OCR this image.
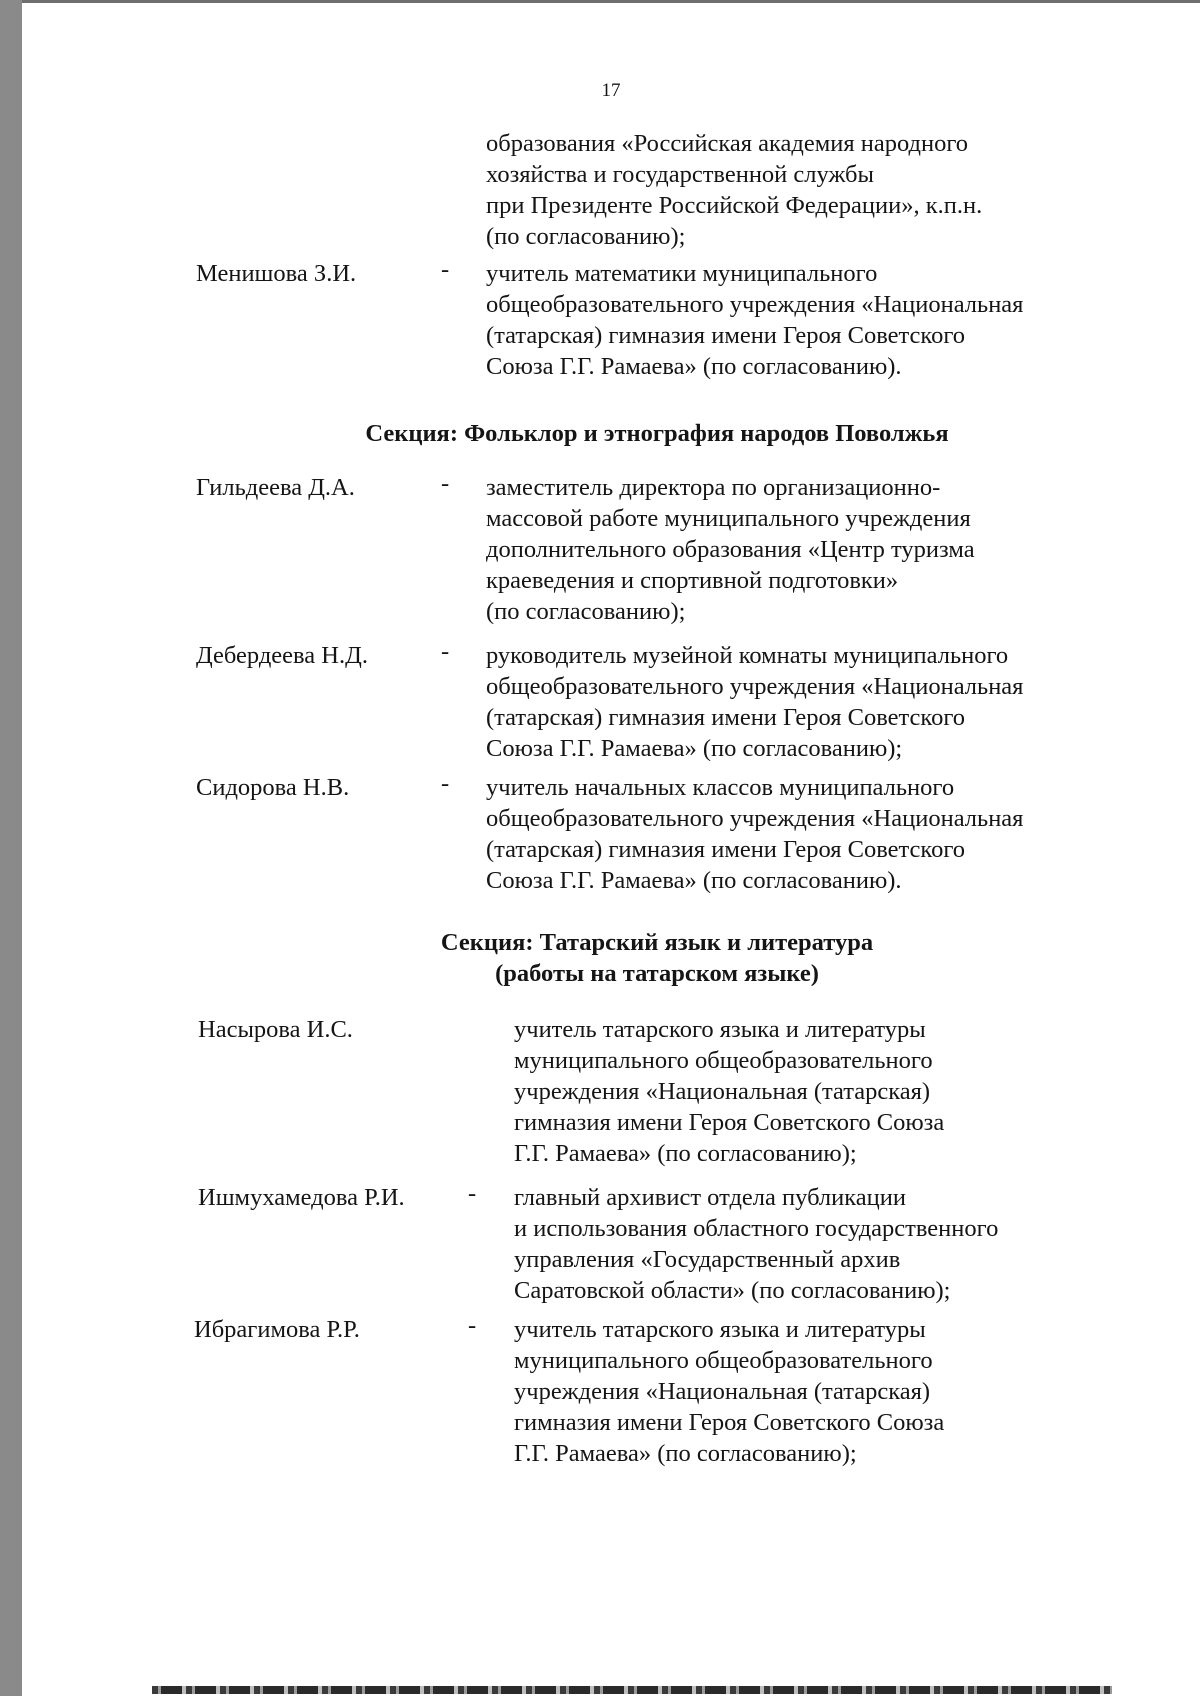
17
образования «Российская академия народного
хозяйства и государственной службы
при Президенте Российской Федерации», к.п.н.
(по согласованию);
Менишова З.И.	- учитель математики муниципального
общеобразовательного учреждения «Национальная
(татарская) гимназия имени Героя Советского
Союза Г.Г. Рамаева» (по согласованию).
Секция: Фольклор и этнография народов Поволжья
Гильдеева Д.А.	- заместитель директора по организационно-
массовой работе муниципального учреждения
дополнительного образования «Центр туризма
краеведения и спортивной подготовки»
(по согласованию);
Дебердеева Н.Д.	- руководитель музейной комнаты муниципального
общеобразовательного учреждения «Национальная
(татарская) гимназия имени Героя Советского
Союза Г.Г. Рамаева» (по согласованию);
Сидорова Н.В.	- учитель начальных классов муниципального
общеобразовательного учреждения «Национальная
(татарская) гимназия имени Героя Советского
Союза Г.Г. Рамаева» (по согласованию).
Секция: Татарский язык и литература
(работы на татарском языке)
Насырова И.С.	учитель татарского языка и литературы
муниципального общеобразовательного
учреждения «Национальная (татарская)
гимназия имени Героя Советского Союза
Г.Г. Рамаева» (по согласованию);
Ишмухамедова Р.И.	- главный архивист отдела публикации
и использования областного государственного
управления «Государственный архив
Саратовской области» (по согласованию);
Ибрагимова Р.Р.	- учитель татарского языка и литературы
муниципального общеобразовательного
учреждения «Национальная (татарская)
гимназия имени Героя Советского Союза
Г.Г. Рамаева» (по согласованию);
